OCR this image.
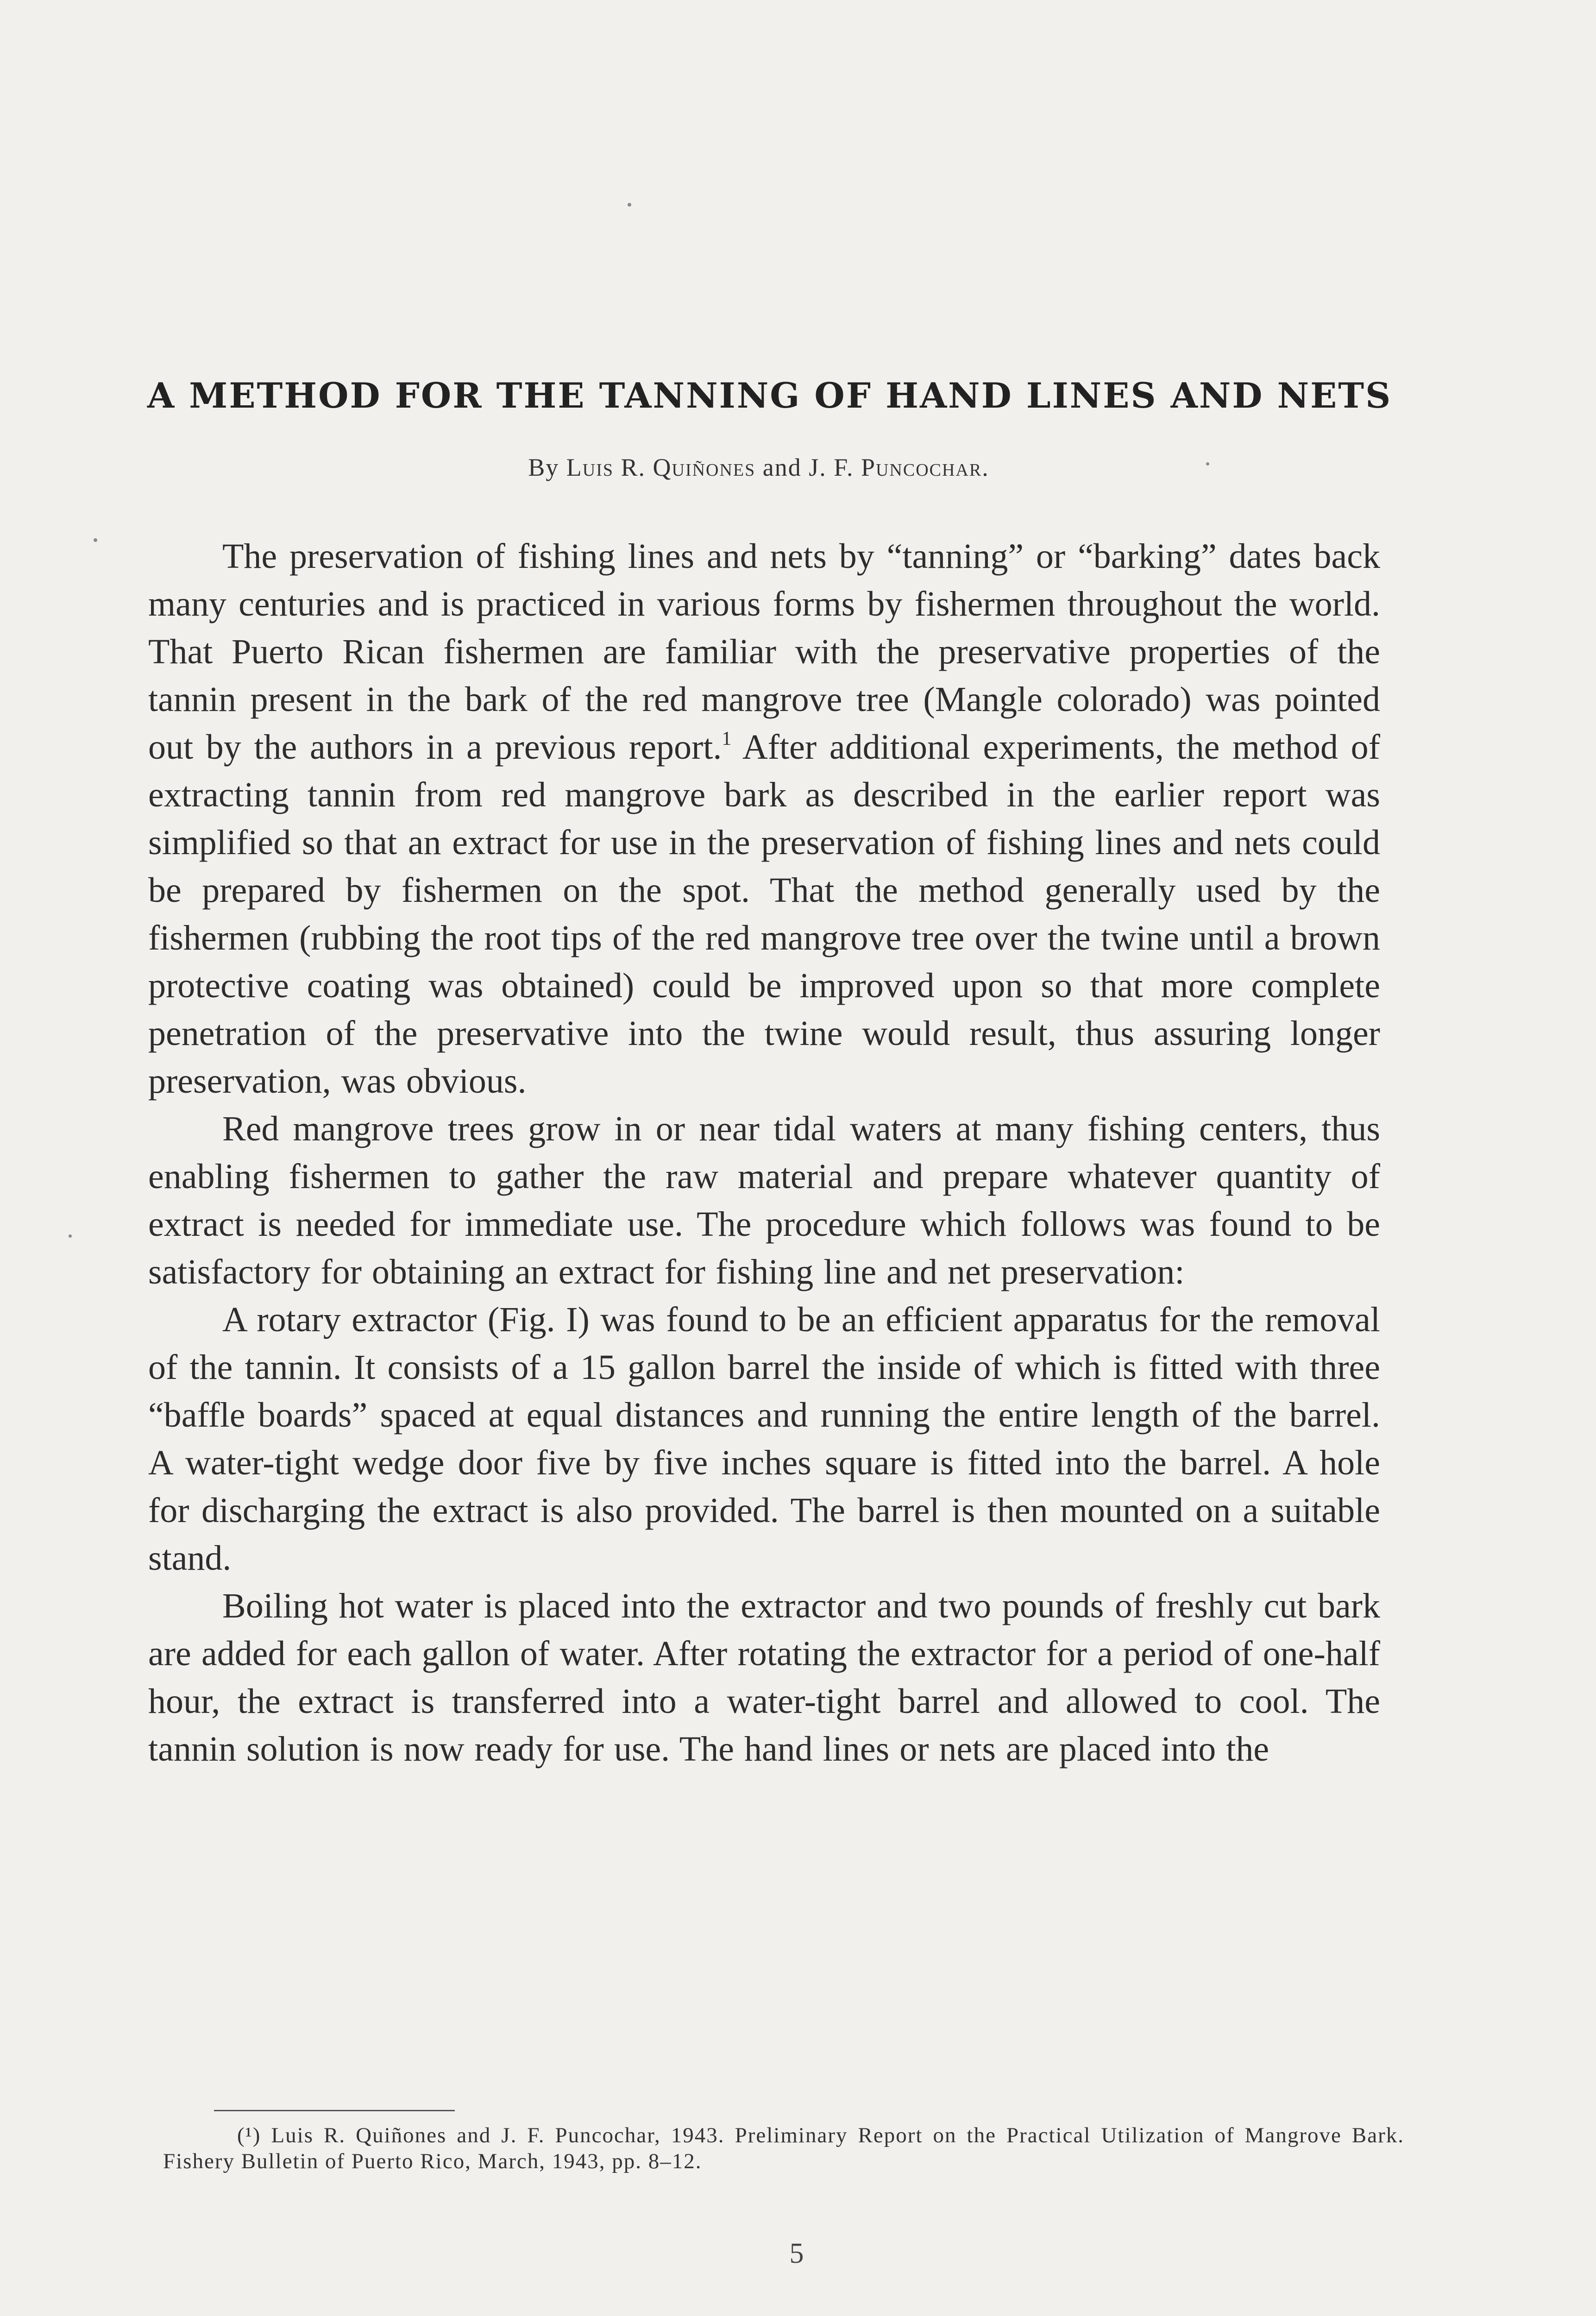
A METHOD FOR THE TANNING OF HAND LINES AND NETS
By Luis R. Quiñones and J. F. Puncochar.

The preservation of fishing lines and nets by “tanning” or “barking” dates back many centuries and is practiced in various forms by fishermen throughout the world. That Puerto Rican fishermen are familiar with the preservative properties of the tannin present in the bark of the red mangrove tree (Mangle colorado) was pointed out by the authors in a previous report.$^1$ After additional experiments, the method of extracting tannin from red mangrove bark as described in the earlier report was simplified so that an extract for use in the preservation of fishing lines and nets could be prepared by fishermen on the spot. That the method generally used by the fishermen (rubbing the root tips of the red mangrove tree over the twine until a brown protective coating was obtained) could be improved upon so that more complete penetration of the preservative into the twine would result, thus assuring longer preservation, was obvious.

Red mangrove trees grow in or near tidal waters at many fishing centers, thus enabling fishermen to gather the raw material and prepare whatever quantity of extract is needed for immediate use. The procedure which follows was found to be satisfactory for obtaining an extract for fishing line and net preservation:

A rotary extractor (Fig. I) was found to be an efficient apparatus for the removal of the tannin. It consists of a 15 gallon barrel the inside of which is fitted with three “baffle boards” spaced at equal distances and running the entire length of the barrel. A water-tight wedge door five by five inches square is fitted into the barrel. A hole for discharging the extract is also provided. The barrel is then mounted on a suitable stand.

Boiling hot water is placed into the extractor and two pounds of freshly cut bark are added for each gallon of water. After rotating the extractor for a period of one-half hour, the extract is transferred into a water-tight barrel and allowed to cool. The tannin solution is now ready for use. The hand lines or nets are placed into the

(¹) Luis R. Quiñones and J. F. Puncochar, 1943. Preliminary Report on the Practical Utilization of Mangrove Bark. Fishery Bulletin of Puerto Rico, March, 1943, pp. 8–12.
5
